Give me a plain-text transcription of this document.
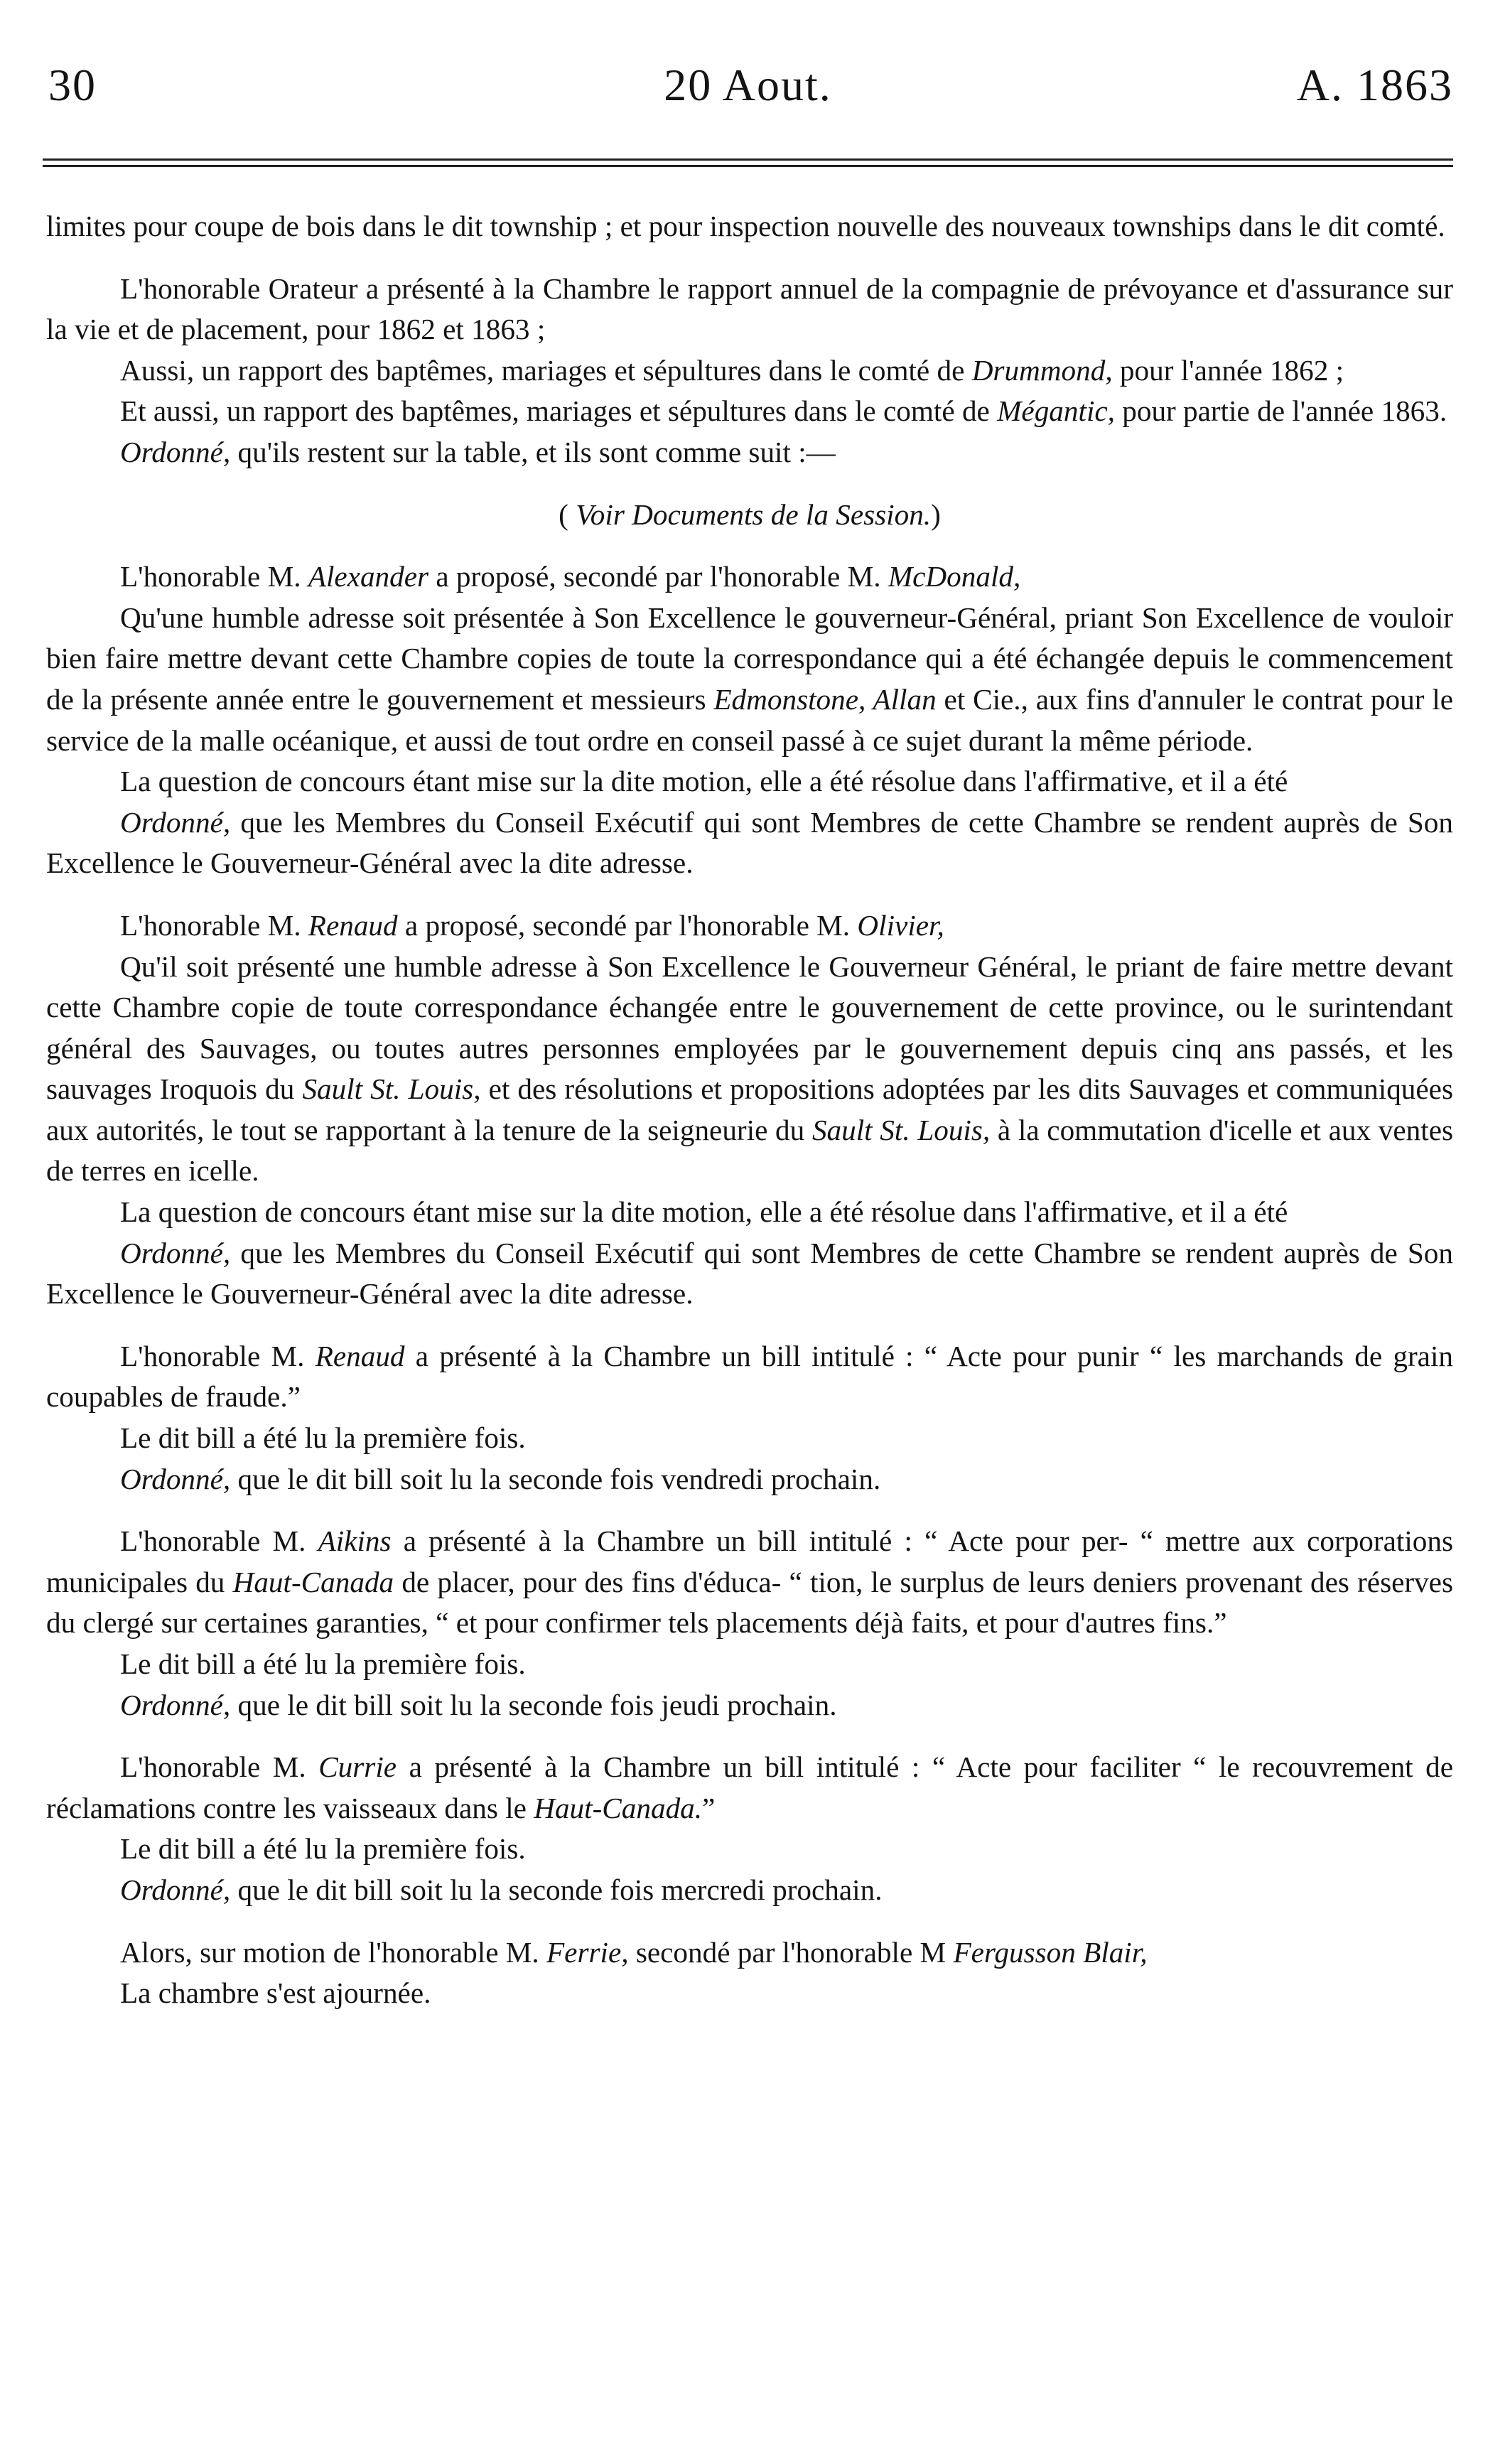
30	20 Aout.	A. 1863

limites pour coupe de bois dans le dit township ; et pour inspection nouvelle des nouveaux townships dans le dit comté.

L'honorable Orateur a présenté à la Chambre le rapport annuel de la compagnie de prévoyance et d'assurance sur la vie et de placement, pour 1862 et 1863 ;

Aussi, un rapport des baptêmes, mariages et sépultures dans le comté de Drummond, pour l'année 1862 ;

Et aussi, un rapport des baptêmes, mariages et sépultures dans le comté de Mégantic, pour partie de l'année 1863.

Ordonné, qu'ils restent sur la table, et ils sont comme suit :—

( Voir Documents de la Session.)

L'honorable M. Alexander a proposé, secondé par l'honorable M. McDonald,

Qu'une humble adresse soit présentée à Son Excellence le gouverneur-Général, priant Son Excellence de vouloir bien faire mettre devant cette Chambre copies de toute la correspondance qui a été échangée depuis le commencement de la présente année entre le gouvernement et messieurs Edmonstone, Allan et Cie., aux fins d'annuler le contrat pour le service de la malle océanique, et aussi de tout ordre en conseil passé à ce sujet durant la même période.

La question de concours étant mise sur la dite motion, elle a été résolue dans l'affirmative, et il a été

Ordonné, que les Membres du Conseil Exécutif qui sont Membres de cette Chambre se rendent auprès de Son Excellence le Gouverneur-Général avec la dite adresse.

L'honorable M. Renaud a proposé, secondé par l'honorable M. Olivier,

Qu'il soit présenté une humble adresse à Son Excellence le Gouverneur Général, le priant de faire mettre devant cette Chambre copie de toute correspondance échangée entre le gouvernement de cette province, ou le surintendant général des Sauvages, ou toutes autres personnes employées par le gouvernement depuis cinq ans passés, et les sauvages Iroquois du Sault St. Louis, et des résolutions et propositions adoptées par les dits Sauvages et communiquées aux autorités, le tout se rapportant à la tenure de la seigneurie du Sault St. Louis, à la commutation d'icelle et aux ventes de terres en icelle.

La question de concours étant mise sur la dite motion, elle a été résolue dans l'affirmative, et il a été

Ordonné, que les Membres du Conseil Exécutif qui sont Membres de cette Chambre se rendent auprès de Son Excellence le Gouverneur-Général avec la dite adresse.

L'honorable M. Renaud a présenté à la Chambre un bill intitulé : “ Acte pour punir “ les marchands de grain coupables de fraude.”

Le dit bill a été lu la première fois.

Ordonné, que le dit bill soit lu la seconde fois vendredi prochain.

L'honorable M. Aikins a présenté à la Chambre un bill intitulé : “ Acte pour per- “ mettre aux corporations municipales du Haut-Canada de placer, pour des fins d'éduca- “ tion, le surplus de leurs deniers provenant des réserves du clergé sur certaines garanties, “ et pour confirmer tels placements déjà faits, et pour d'autres fins.”

Le dit bill a été lu la première fois.

Ordonné, que le dit bill soit lu la seconde fois jeudi prochain.

L'honorable M. Currie a présenté à la Chambre un bill intitulé : “ Acte pour faciliter “ le recouvrement de réclamations contre les vaisseaux dans le Haut-Canada.”

Le dit bill a été lu la première fois.

Ordonné, que le dit bill soit lu la seconde fois mercredi prochain.

Alors, sur motion de l'honorable M. Ferrie, secondé par l'honorable M Fergusson Blair,

La chambre s'est ajournée.
